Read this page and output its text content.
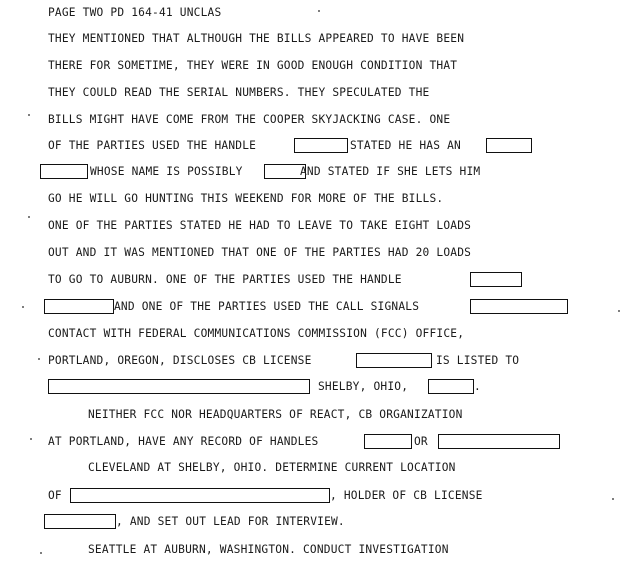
PAGE TWO PD 164-41 UNCLAS
THEY MENTIONED THAT ALTHOUGH THE BILLS APPEARED TO HAVE BEEN
THERE FOR SOMETIME, THEY WERE IN GOOD ENOUGH CONDITION THAT
THEY COULD READ THE SERIAL NUMBERS. THEY SPECULATED THE
BILLS MIGHT HAVE COME FROM THE COOPER SKYJACKING CASE. ONE
OF THE PARTIES USED THE HANDLE	STATED HE HAS AN
WHOSE NAME IS POSSIBLY	AND STATED IF SHE LETS HIM
GO HE WILL GO HUNTING THIS WEEKEND FOR MORE OF THE BILLS.
ONE OF THE PARTIES STATED HE HAD TO LEAVE TO TAKE EIGHT LOADS
OUT AND IT WAS MENTIONED THAT ONE OF THE PARTIES HAD 20 LOADS
TO GO TO AUBURN. ONE OF THE PARTIES USED THE HANDLE
AND ONE OF THE PARTIES USED THE CALL SIGNALS
CONTACT WITH FEDERAL COMMUNICATIONS COMMISSION (FCC) OFFICE,
PORTLAND, OREGON, DISCLOSES CB LICENSE	IS LISTED TO
SHELBY, OHIO,	.
NEITHER FCC NOR HEADQUARTERS OF REACT, CB ORGANIZATION
AT PORTLAND, HAVE ANY RECORD OF HANDLES	OR
CLEVELAND AT SHELBY, OHIO. DETERMINE CURRENT LOCATION
OF	, HOLDER OF CB LICENSE
, AND SET OUT LEAD FOR INTERVIEW.
SEATTLE AT AUBURN, WASHINGTON. CONDUCT INVESTIGATION
